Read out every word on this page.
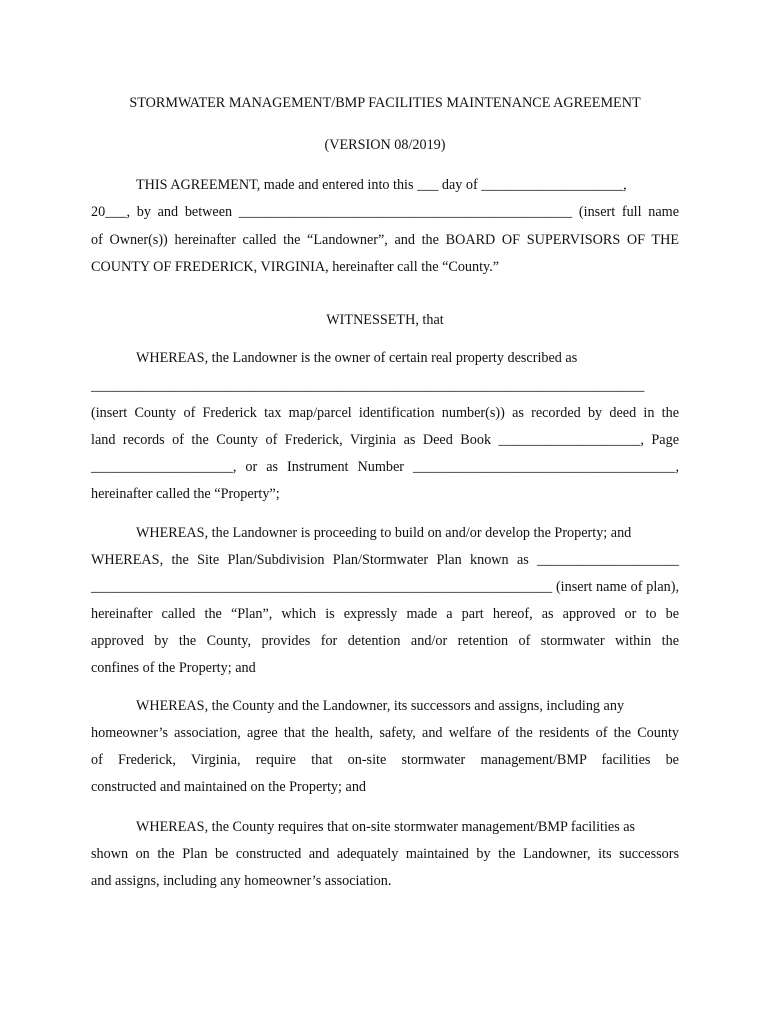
STORMWATER MANAGEMENT/BMP FACILITIES MAINTENANCE AGREEMENT

(VERSION 08/2019)

THIS AGREEMENT, made and entered into this ___ day of ____________________,

20___, by and between _______________________________________________ (insert full name

of Owner(s)) hereinafter called the “Landowner”, and the BOARD OF SUPERVISORS OF THE

COUNTY OF FREDERICK, VIRGINIA, hereinafter call the “County.”

WITNESSETH, that

WHEREAS, the Landowner is the owner of certain real property described as

______________________________________________________________________________

(insert County of Frederick tax map/parcel identification number(s)) as recorded by deed in the

land records of the County of Frederick, Virginia as Deed Book ____________________, Page

____________________, or as Instrument Number _____________________________________,

hereinafter called the “Property”;

WHEREAS, the Landowner is proceeding to build on and/or develop the Property; and

WHEREAS, the Site Plan/Subdivision Plan/Stormwater Plan known as ____________________

_________________________________________________________________ (insert name of plan),

hereinafter called the “Plan”, which is expressly made a part hereof, as approved or to be

approved by the County, provides for detention and/or retention of stormwater within the

confines of the Property; and

WHEREAS, the County and the Landowner, its successors and assigns, including any

homeowner’s association, agree that the health, safety, and welfare of the residents of the County

of Frederick, Virginia, require that on-site stormwater management/BMP facilities be

constructed and maintained on the Property; and

WHEREAS, the County requires that on-site stormwater management/BMP facilities as

shown on the Plan be constructed and adequately maintained by the Landowner, its successors

and assigns, including any homeowner’s association.
